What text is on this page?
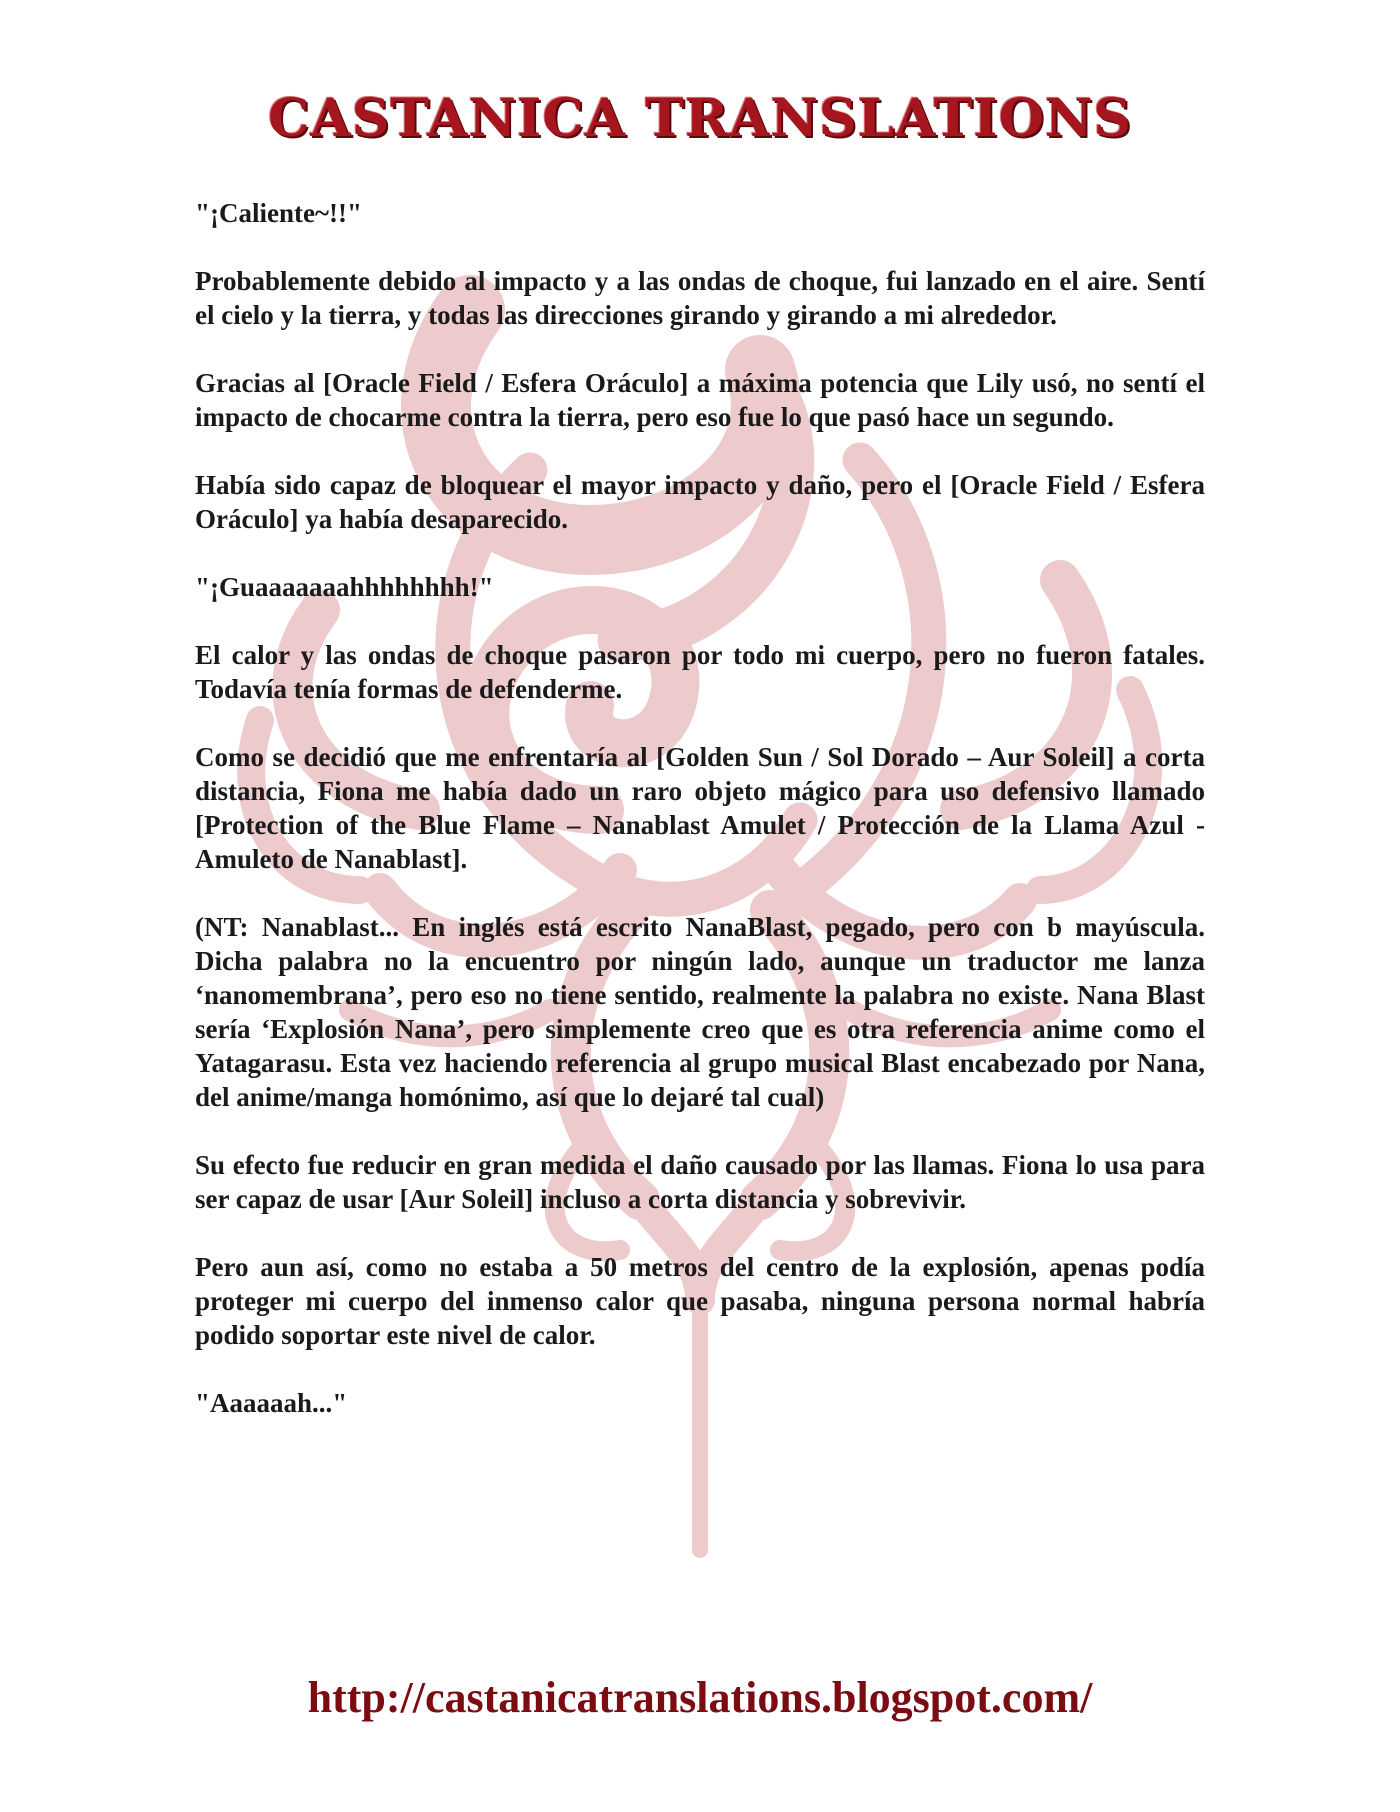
CASTANICA TRANSLATIONS

"¡Caliente~!!"

Probablemente debido al impacto y a las ondas de choque, fui lanzado en el aire. Sentí el cielo y la tierra, y todas las direcciones girando y girando a mi alrededor.

Gracias al [Oracle Field / Esfera Oráculo] a máxima potencia que Lily usó, no sentí el impacto de chocarme contra la tierra, pero eso fue lo que pasó hace un segundo.

Había sido capaz de bloquear el mayor impacto y daño, pero el [Oracle Field / Esfera Oráculo] ya había desaparecido.

"¡Guaaaaaaahhhhhhhh!"

El calor y las ondas de choque pasaron por todo mi cuerpo, pero no fueron fatales. Todavía tenía formas de defenderme.

Como se decidió que me enfrentaría al [Golden Sun / Sol Dorado – Aur Soleil] a corta distancia, Fiona me había dado un raro objeto mágico para uso defensivo llamado [Protection of the Blue Flame – Nanablast Amulet / Protección de la Llama Azul - Amuleto de Nanablast].

(NT: Nanablast... En inglés está escrito NanaBlast, pegado, pero con b mayúscula. Dicha palabra no la encuentro por ningún lado, aunque un traductor me lanza ‘nanomembrana’, pero eso no tiene sentido, realmente la palabra no existe. Nana Blast sería ‘Explosión Nana’, pero simplemente creo que es otra referencia anime como el Yatagarasu. Esta vez haciendo referencia al grupo musical Blast encabezado por Nana, del anime/manga homónimo, así que lo dejaré tal cual)

Su efecto fue reducir en gran medida el daño causado por las llamas. Fiona lo usa para ser capaz de usar [Aur Soleil] incluso a corta distancia y sobrevivir.

Pero aun así, como no estaba a 50 metros del centro de la explosión, apenas podía proteger mi cuerpo del inmenso calor que pasaba, ninguna persona normal habría podido soportar este nivel de calor.

"Aaaaaah..."

http://castanicatranslations.blogspot.com/
